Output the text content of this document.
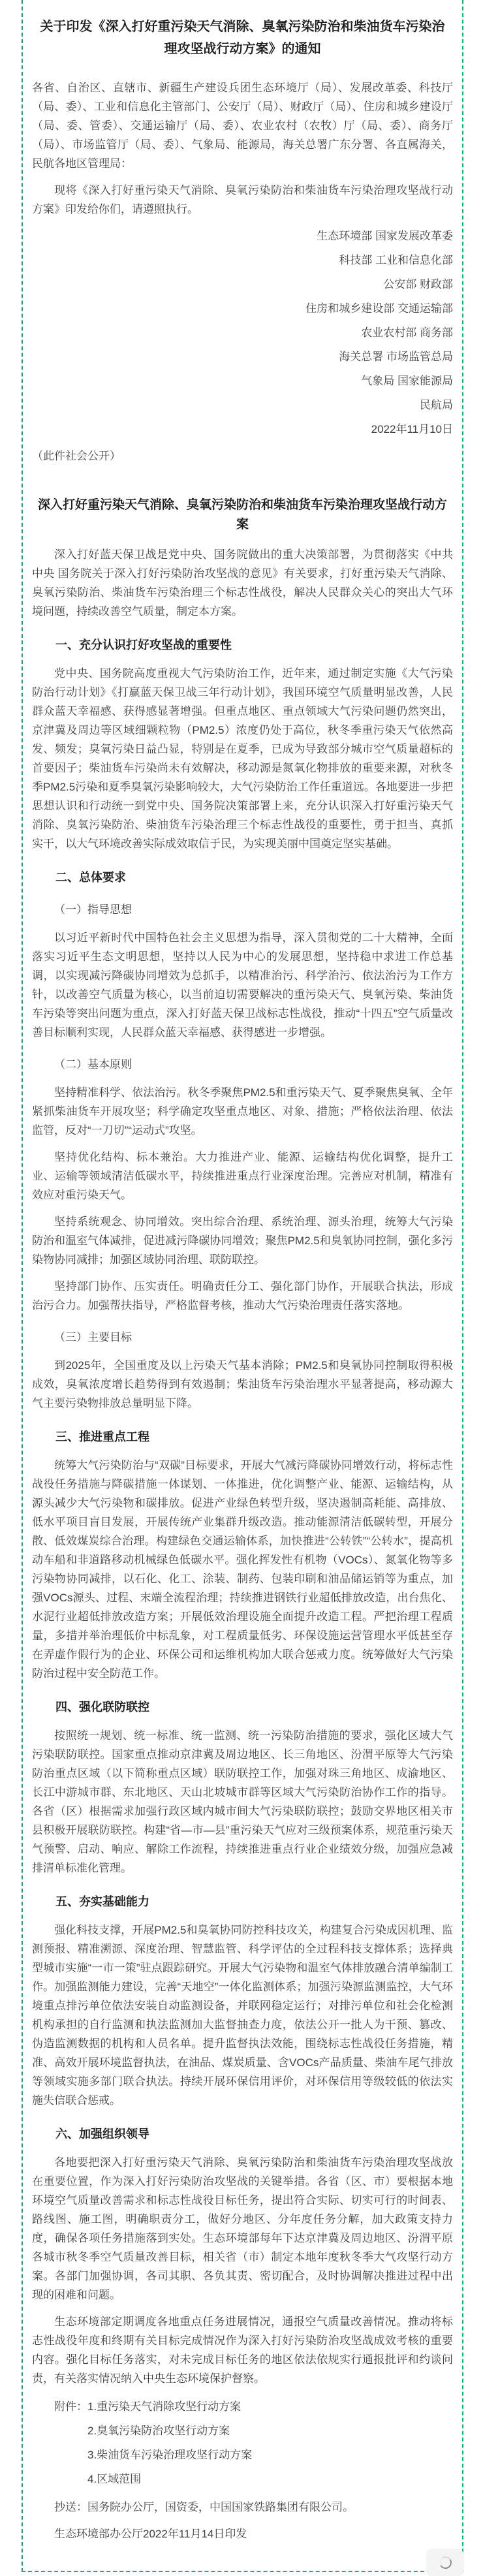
关于印发《深入打好重污染天气消除、臭氧污染防治和柴油货车污染治理攻坚战行动方案》的通知
各省、自治区、直辖市、新疆生产建设兵团生态环境厅（局）、发展改革委、科技厅（局、委）、工业和信息化主管部门、公安厅（局）、财政厅（局）、住房和城乡建设厅（局、委、管委）、交通运输厅（局、委）、农业农村（农牧）厅（局、委）、商务厅（局）、市场监管厅（局、委）、气象局、能源局，海关总署广东分署、各直属海关，民航各地区管理局：
现将《深入打好重污染天气消除、臭氧污染防治和柴油货车污染治理攻坚战行动方案》印发给你们，请遵照执行。
生态环境部 国家发展改革委
科技部 工业和信息化部
公安部 财政部
住房和城乡建设部 交通运输部
农业农村部 商务部
海关总署 市场监管总局
气象局 国家能源局
民航局
2022年11月10日
（此件社会公开）
深入打好重污染天气消除、臭氧污染防治和柴油货车污染治理攻坚战行动方案
深入打好蓝天保卫战是党中央、国务院做出的重大决策部署，为贯彻落实《中共中央 国务院关于深入打好污染防治攻坚战的意见》有关要求，打好重污染天气消除、臭氧污染防治、柴油货车污染治理三个标志性战役，解决人民群众关心的突出大气环境问题，持续改善空气质量，制定本方案。
一、充分认识打好攻坚战的重要性
党中央、国务院高度重视大气污染防治工作，近年来，通过制定实施《大气污染防治行动计划》《打赢蓝天保卫战三年行动计划》，我国环境空气质量明显改善，人民群众蓝天幸福感、获得感显著增强。但重点地区、重点领域大气污染问题仍然突出，京津冀及周边等区域细颗粒物（PM2.5）浓度仍处于高位，秋冬季重污染天气依然高发、频发；臭氧污染日益凸显，特别是在夏季，已成为导致部分城市空气质量超标的首要因子；柴油货车污染尚未有效解决，移动源是氮氧化物排放的重要来源，对秋冬季PM2.5污染和夏季臭氧污染影响较大，大气污染防治工作任重道远。各地要进一步把思想认识和行动统一到党中央、国务院决策部署上来，充分认识深入打好重污染天气消除、臭氧污染防治、柴油货车污染治理三个标志性战役的重要性，勇于担当、真抓实干，以大气环境改善实际成效取信于民，为实现美丽中国奠定坚实基础。
二、总体要求
（一）指导思想
以习近平新时代中国特色社会主义思想为指导，深入贯彻党的二十大精神，全面落实习近平生态文明思想，坚持以人民为中心的发展思想，坚持稳中求进工作总基调，以实现减污降碳协同增效为总抓手，以精准治污、科学治污、依法治污为工作方针，以改善空气质量为核心，以当前迫切需要解决的重污染天气、臭氧污染、柴油货车污染等突出问题为重点，深入打好蓝天保卫战标志性战役，推动“十四五”空气质量改善目标顺利实现，人民群众蓝天幸福感、获得感进一步增强。
（二）基本原则
坚持精准科学、依法治污。秋冬季聚焦PM2.5和重污染天气、夏季聚焦臭氧、全年紧抓柴油货车开展攻坚；科学确定攻坚重点地区、对象、措施；严格依法治理、依法监管，反对“一刀切”“运动式”攻坚。
坚持优化结构、标本兼治。大力推进产业、能源、运输结构优化调整，提升工业、运输等领域清洁低碳水平，持续推进重点行业深度治理。完善应对机制，精准有效应对重污染天气。
坚持系统观念、协同增效。突出综合治理、系统治理、源头治理，统筹大气污染防治和温室气体减排，促进减污降碳协同增效；聚焦PM2.5和臭氧协同控制，强化多污染物协同减排；加强区域协同治理、联防联控。
坚持部门协作、压实责任。明确责任分工、强化部门协作，开展联合执法，形成治污合力。加强帮扶指导，严格监督考核，推动大气污染治理责任落实落地。
（三）主要目标
到2025年，全国重度及以上污染天气基本消除；PM2.5和臭氧协同控制取得积极成效，臭氧浓度增长趋势得到有效遏制；柴油货车污染治理水平显著提高，移动源大气主要污染物排放总量明显下降。
三、推进重点工程
统筹大气污染防治与“双碳”目标要求，开展大气减污降碳协同增效行动，将标志性战役任务措施与降碳措施一体谋划、一体推进，优化调整产业、能源、运输结构，从源头减少大气污染物和碳排放。促进产业绿色转型升级，坚决遏制高耗能、高排放、低水平项目盲目发展，开展传统产业集群升级改造。推动能源清洁低碳转型，开展分散、低效煤炭综合治理。构建绿色交通运输体系，加快推进“公转铁”“公转水”，提高机动车船和非道路移动机械绿色低碳水平。强化挥发性有机物（VOCs）、氮氧化物等多污染物协同减排，以石化、化工、涂装、制药、包装印刷和油品储运销等为重点，加强VOCs源头、过程、末端全流程治理；持续推进钢铁行业超低排放改造，出台焦化、水泥行业超低排放改造方案；开展低效治理设施全面提升改造工程。严把治理工程质量，多措并举治理低价中标乱象，对工程质量低劣、环保设施运营管理水平低甚至存在弄虚作假行为的企业、环保公司和运维机构加大联合惩戒力度。统筹做好大气污染防治过程中安全防范工作。
四、强化联防联控
按照统一规划、统一标准、统一监测、统一污染防治措施的要求，强化区域大气污染联防联控。国家重点推动京津冀及周边地区、长三角地区、汾渭平原等大气污染防治重点区域（以下简称重点区域）联防联控工作，加强对珠三角地区、成渝地区、长江中游城市群、东北地区、天山北坡城市群等区域大气污染防治协作工作的指导。各省（区）根据需求加强行政区域内城市间大气污染联防联控；鼓励交界地区相关市县积极开展联防联控。构建“省—市—县”重污染天气应对三级预案体系，规范重污染天气预警、启动、响应、解除工作流程，持续推进重点行业企业绩效分级，加强应急减排清单标准化管理。
五、夯实基础能力
强化科技支撑，开展PM2.5和臭氧协同防控科技攻关，构建复合污染成因机理、监测预报、精准溯源、深度治理、智慧监管、科学评估的全过程科技支撑体系；选择典型城市实施“一市一策”驻点跟踪研究。开展大气污染物和温室气体排放融合清单编制工作。加强监测能力建设，完善“天地空”一体化监测体系；加强污染源监测监控，大气环境重点排污单位依法安装自动监测设备，并联网稳定运行；对排污单位和社会化检测机构承担的自行监测和执法监测加大监督抽查力度，依法公开一批人为干预、篡改、伪造监测数据的机构和人员名单。提升监督执法效能，围绕标志性战役任务措施，精准、高效开展环境监督执法，在油品、煤炭质量、含VOCs产品质量、柴油车尾气排放等领域实施多部门联合执法。持续开展环保信用评价，对环保信用等级较低的依法实施失信联合惩戒。
六、加强组织领导
各地要把深入打好重污染天气消除、臭氧污染防治和柴油货车污染治理攻坚战放在重要位置，作为深入打好污染防治攻坚战的关键举措。各省（区、市）要根据本地环境空气质量改善需求和标志性战役目标任务，提出符合实际、切实可行的时间表、路线图、施工图，明确职责分工，做好分地区、分年度任务分解，加大政策支持力度，确保各项任务措施落到实处。生态环境部每年下达京津冀及周边地区、汾渭平原各城市秋冬季空气质量改善目标，相关省（市）制定本地年度秋冬季大气攻坚行动方案。各部门加强协调，各司其职、各负其责、密切配合，及时协调解决推进过程中出现的困难和问题。
生态环境部定期调度各地重点任务进展情况，通报空气质量改善情况。推动将标志性战役年度和终期有关目标完成情况作为深入打好污染防治攻坚战成效考核的重要内容。强化目标任务落实，对未完成目标任务的地区依法依规实行通报批评和约谈问责，有关落实情况纳入中央生态环境保护督察。
附件：1.重污染天气消除攻坚行动方案
2.臭氧污染防治攻坚行动方案
3.柴油货车污染治理攻坚行动方案
4.区域范围
抄送：国务院办公厅，国资委，中国国家铁路集团有限公司。
生态环境部办公厅2022年11月14日印发
